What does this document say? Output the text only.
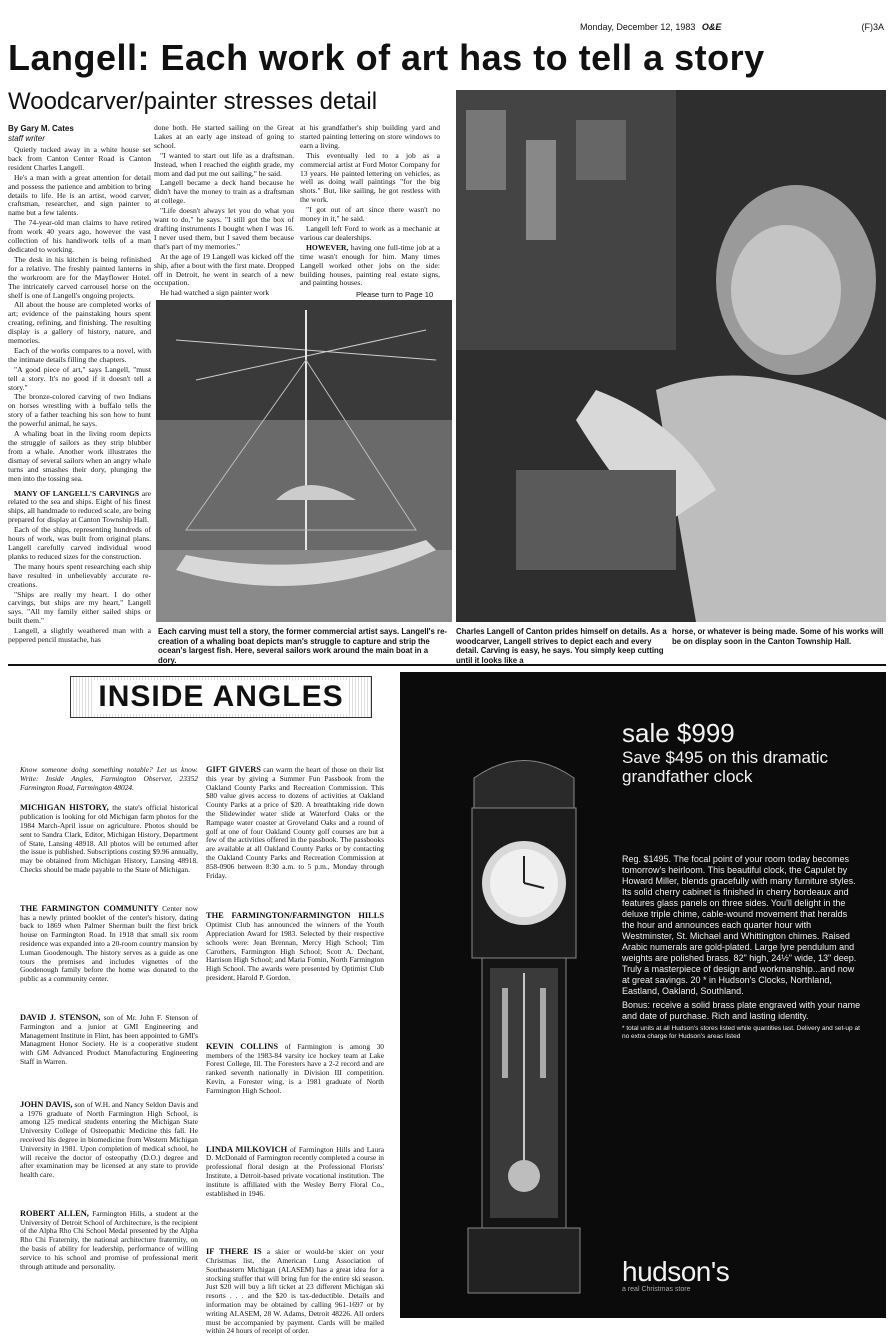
Monday, December 12, 1983 O&E	(F)3A
Langell: Each work of art has to tell a story
Woodcarver/painter stresses detail
By Gary M. Cates
staff writer

Quietly tucked away in a white house set back from Canton Center Road is Canton resident Charles Langell.

He's a man with a great attention for detail and possess the patience and ambition to bring details to life. He is an artist, wood carver, craftsman, researcher, and sign painter to name but a few talents.

The 74-year-old man claims to have retired from work 40 years ago, however the vast collection of his handiwork tells of a man dedicated to working.

The desk in his kitchen is being refinished for a relative. The freshly painted lanterns in the workroom are for the Mayflower Hotel. The intricately carved carrousel horse on the shelf is one of Langell's ongoing projects.

All about the house are completed works of art; evidence of the painstaking hours spent creating, refining, and finishing. The resulting display is a gallery of history, nature, and memories.

Each of the works compares to a novel, with the intimate details filling the chapters.

"A good piece of art," says Langell, "must tell a story. It's no good if it doesn't tell a story."

The bronze-colored carving of two Indians on horses wrestling with a buffalo tells the story of a father teaching his son how to hunt the powerful animal, he says.

A whaling boat in the living room depicts the struggle of sailors as they strip blubber from a whale. Another work illustrates the dismay of several sailors when an angry whale turns and smashes their dory, plunging the men into the tossing sea.

MANY OF LANGELL'S CARVINGS are related to the sea and ships. Eight of his finest ships, all handmade to reduced scale, are being prepared for display at Canton Township Hall.

Each of the ships, representing hundreds of hours of work, was built from original plans. Langell carefully carved individual wood planks to reduced sizes for the construction.

The many hours spent researching each ship have resulted in unbelievably accurate re-creations.

"Ships are really my heart. I do other carvings, but ships are my heart," Langell says. "All my family either sailed ships or built them."

Langell, a slightly weathered man with a peppered pencil mustache, has

done both. He started sailing on the Great Lakes at an early age instead of going to school.

"I wanted to start out life as a draftsman. Instead, when I reached the eighth grade, my mom and dad put me out sailing," he said.

Langell became a deck hand because he didn't have the money to train as a draftsman at college.

"Life doesn't always let you do what you want to do," he says. "I still got the box of drafting instruments I bought when I was 16. I never used them, but I saved them because that's part of my memories."

At the age of 19 Langell was kicked off the ship, after a bout with the first mate. Dropped off in Detroit, he went in search of a new occupation.

He had watched a sign painter work

at his grandfather's ship building yard and started painting lettering on store windows to earn a living.

This eventually led to a job as a commercial artist at Ford Motor Company for 13 years. He painted lettering on vehicles, as well as doing wall paintings "for the big shots." But, like sailing, he got restless with the work.

"I got out of art since there wasn't no money in it," he said.

Langell left Ford to work as a mechanic at various car dealerships.

HOWEVER, having one full-time job at a time wasn't enough for him. Many times Langell worked other jobs on the side: building houses, painting real estate signs, and painting houses.

Please turn to Page 10
Each carving must tell a story, the former commercial artist says. Langell's re-creation of a whaling boat depicts man's struggle to capture and strip the ocean's largest fish. Here, several sailors work around the main boat in a dory.
Charles Langell of Canton prides himself on details. As a woodcarver, Langell strives to depict each and every detail. Carving is easy, he says. You simply keep cutting until it looks like a
horse, or whatever is being made. Some of his works will be on display soon in the Canton Township Hall.
INSIDE ANGLES

Know someone doing something notable? Let us know. Write: Inside Angles, Farmington Observer, 23352 Farmington Road, Farmington 48024.

MICHIGAN HISTORY, the state's official historical publication is looking for old Michigan farm photos for the 1984 March-April issue on agriculture. Photos should be sent to Sandra Clark, Editor, Michigan History, Department of State, Lansing 48918. All photos will be returned after the issue is published. Subscriptions costing $9.96 annually, may be obtained from Michigan History, Lansing 48918. Checks should be made payable to the State of Michigan.

THE FARMINGTON COMMUNITY Center now has a newly printed booklet of the center's history, dating back to 1869 when Palmer Sherman built the first brick house on Farmington Road. In 1918 that small six room residence was expanded into a 20-room country mansion by Luman Goodenough. The history serves as a guide as one tours the premises and includes vignettes of the Goodenough family before the home was donated to the public as a community center.

DAVID J. STENSON, son of Mr. John F. Stenson of Farmington and a junior at GMI Engineering and Management Institute in Flint, has been appointed to GMI's Managment Honor Society. He is a cooperative student with GM Advanced Product Manufacturing Engineering Staff in Warren.

JOHN DAVIS, son of W.H. and Nancy Seldon Davis and a 1976 graduate of North Farmington High School, is among 125 medical students entering the Michigan State University College of Osteopathic Medicine this fall. He received his degree in biomedicine from Western Michigan University in 1981. Upon completion of medical school, he will receive the doctor of osteopathy (D.O.) degree and after examination may be licensed at any state to provide health care.

ROBERT ALLEN, Farmington Hills, a student at the University of Detroit School of Architecture, is the recipient of the Alpha Rho Chi School Medal presented by the Alpha Rho Chi Fraternity, the national architecture fraternity, on the basis of ability for leadership, performance of willing service to his school and promise of professional merit through attitude and personality.

GIFT GIVERS can warm the heart of those on their list this year by giving a Summer Fun Passbook from the Oakland County Parks and Recreation Commission. This $80 value gives access to dozens of activities at Oakland County Parks at a price of $20. A breathtaking ride down the Slidewinder water slide at Waterford Oaks or the Rampage water coaster at Groveland Oaks and a round of golf at one of four Oakland County golf courses are but a few of the activities offered in the passbook. The passbooks are available at all Oakland County Parks or by contacting the Oakland County Parks and Recreation Commission at 858-0906 between 8:30 a.m. to 5 p.m., Monday through Friday.

THE FARMINGTON/FARMINGTON HILLS Optimist Club has announced the winners of the Youth Appreciation Award for 1983. Selected by their respective schools were: Jean Brennan, Mercy High School; Tim Carothers, Farmington High School; Scott A. Dechant, Harrison High School; and Maria Fomin, North Farmington High School. The awards were presented by Optimist Club president, Harold P. Gordon.

KEVIN COLLINS of Farmington is among 30 members of the 1983-84 varsity ice hockey team at Lake Forest College, Ill. The Foresters have a 2-2 record and are ranked seventh nationally in Division III competition. Kevin, a Forester wing, is a 1981 graduate of North Farmington High School.

LINDA MILKOVICH of Farmington Hills and Laura D. McDonald of Farmington recently completed a course in professional floral design at the Professional Florists' Institute, a Detroit-based private vocational institution. The institute is affiliated with the Wesley Berry Floral Co., established in 1946.

IF THERE IS a skier or would-be skier on your Christmas list, the American Lung Association of Southeastern Michigan (ALASEM) has a great idea for a stocking stuffer that will bring fun for the entire ski season. Just $20 will buy a lift ticket at 23 different Michigan ski resorts . . . and the $20 is tax-deductible. Details and information may be obtained by calling 961-1697 or by writing ALASEM, 28 W. Adams, Detroit 48226. All orders must be accompanied by payment. Cards will be mailed within 24 hours of receipt of order.

sale $999
Save $495 on this dramatic grandfather clock

Reg. $1495. The focal point of your room today becomes tomorrow's heirloom. This beautiful clock, the Capulet by Howard Miller, blends gracefully with many furniture styles. Its solid cherry cabinet is finished in cherry bordeaux and features glass panels on three sides. You'll delight in the deluxe triple chime, cable-wound movement that heralds the hour and announces each quarter hour with Westminster, St. Michael and Whittington chimes. Raised Arabic numerals are gold-plated. Large lyre pendulum and weights are polished brass. 82" high, 24½" wide, 13" deep. Truly a masterpiece of design and workmanship...and now at great savings. 20 * in Hudson's Clocks, Northland, Eastland, Oakland, Southland.

Bonus: receive a solid brass plate engraved with your name and date of purchase. Rich and lasting identity.

* total units at all Hudson's stores listed while quantities last. Delivery and set-up at no extra charge for Hudson's areas listed

hudson's
a real Christmas store
